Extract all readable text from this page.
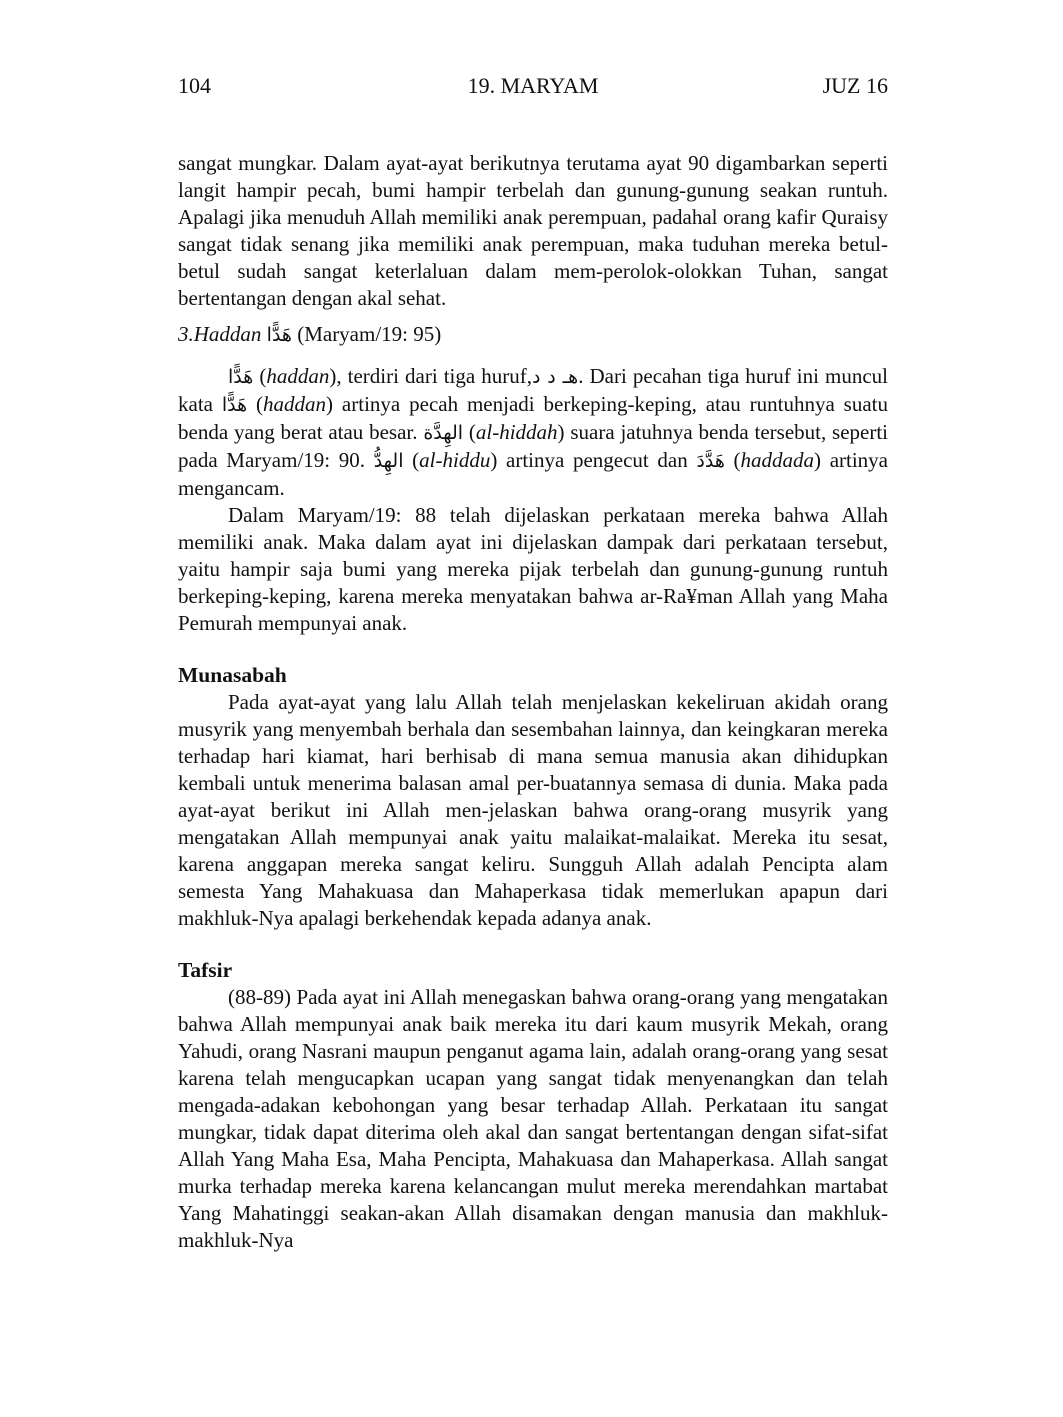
104	19. MARYAM	JUZ 16

sangat mungkar. Dalam ayat-ayat berikutnya terutama ayat 90 digambarkan seperti langit hampir pecah, bumi hampir terbelah dan gunung-gunung seakan runtuh. Apalagi jika menuduh Allah memiliki anak perempuan, padahal orang kafir Quraisy sangat tidak senang jika memiliki anak perempuan, maka tuduhan mereka betul-betul sudah sangat keterlaluan dalam mem-perolok-olokkan Tuhan, sangat bertentangan dengan akal sehat.

3.Haddan هَدًّا (Maryam/19: 95)

هَدًّا (haddan), terdiri dari tiga huruf,هـ د د. Dari pecahan tiga huruf ini muncul kata هَدًّا (haddan) artinya pecah menjadi berkeping-keping, atau runtuhnya suatu benda yang berat atau besar. الهِدَّة (al-hiddah) suara jatuhnya benda tersebut, seperti pada Maryam/19: 90. الهِدُّ (al-hiddu) artinya pengecut dan هَدَّدَ (haddada) artinya mengancam.

Dalam Maryam/19: 88 telah dijelaskan perkataan mereka bahwa Allah memiliki anak. Maka dalam ayat ini dijelaskan dampak dari perkataan tersebut, yaitu hampir saja bumi yang mereka pijak terbelah dan gunung-gunung runtuh berkeping-keping, karena mereka menyatakan bahwa ar-Ra¥man Allah yang Maha Pemurah mempunyai anak.

Munasabah

Pada ayat-ayat yang lalu Allah telah menjelaskan kekeliruan akidah orang musyrik yang menyembah berhala dan sesembahan lainnya, dan keingkaran mereka terhadap hari kiamat, hari berhisab di mana semua manusia akan dihidupkan kembali untuk menerima balasan amal per-buatannya semasa di dunia. Maka pada ayat-ayat berikut ini Allah men-jelaskan bahwa orang-orang musyrik yang mengatakan Allah mempunyai anak yaitu malaikat-malaikat. Mereka itu sesat, karena anggapan mereka sangat keliru. Sungguh Allah adalah Pencipta alam semesta Yang Mahakuasa dan Mahaperkasa tidak memerlukan apapun dari makhluk-Nya apalagi berkehendak kepada adanya anak.

Tafsir

(88-89) Pada ayat ini Allah menegaskan bahwa orang-orang yang mengatakan bahwa Allah mempunyai anak baik mereka itu dari kaum musyrik Mekah, orang Yahudi, orang Nasrani maupun penganut agama lain, adalah orang-orang yang sesat karena telah mengucapkan ucapan yang sangat tidak menyenangkan dan telah mengada-adakan kebohongan yang besar terhadap Allah. Perkataan itu sangat mungkar, tidak dapat diterima oleh akal dan sangat bertentangan dengan sifat-sifat Allah Yang Maha Esa, Maha Pencipta, Mahakuasa dan Mahaperkasa. Allah sangat murka terhadap mereka karena kelancangan mulut mereka merendahkan martabat Yang Mahatinggi seakan-akan Allah disamakan dengan manusia dan makhluk-makhluk-Nya
